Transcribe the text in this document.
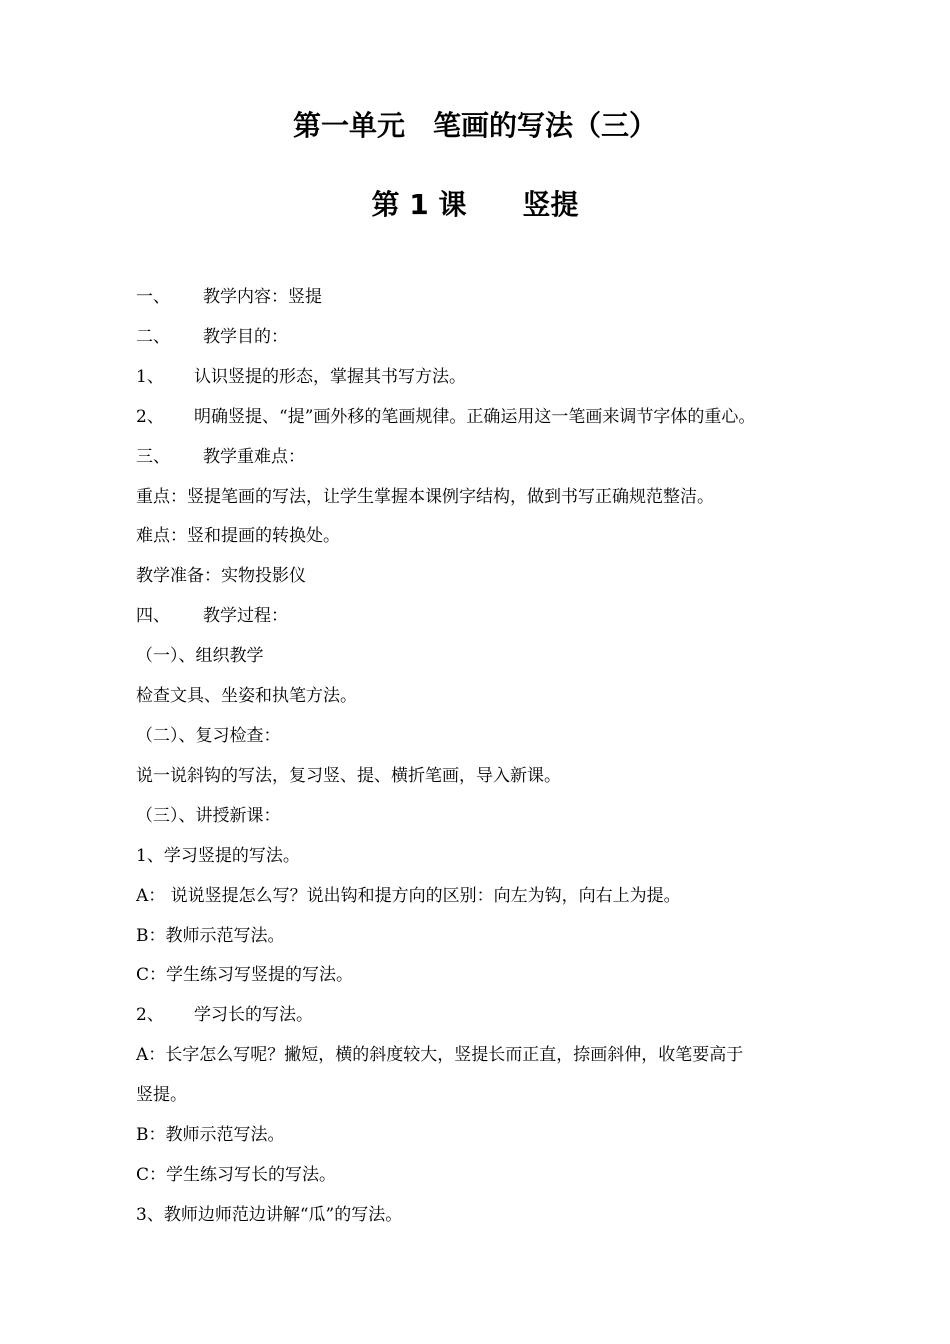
第一单元　笔画的写法（三）
第 1 课　　竖提
一、 教学内容：竖提
二、 教学目的：
1、 认识竖提的形态，掌握其书写方法。
2、 明确竖提、“提”画外移的笔画规律。正确运用这一笔画来调节字体的重心。
三、 教学重难点：
重点：竖提笔画的写法，让学生掌握本课例字结构，做到书写正确规范整洁。
难点：竖和提画的转换处。
教学准备：实物投影仪
四、 教学过程：
（一）、组织教学
检查文具、坐姿和执笔方法。
（二）、复习检查：
说一说斜钩的写法，复习竖、提、横折笔画，导入新课。
（三）、讲授新课：
1、学习竖提的写法。
A： 说说竖提怎么写？说出钩和提方向的区别：向左为钩，向右上为提。
B：教师示范写法。
C：学生练习写竖提的写法。
2、 学习长的写法。
A：长字怎么写呢？撇短，横的斜度较大，竖提长而正直，捺画斜伸，收笔要高于
竖提。
B：教师示范写法。
C：学生练习写长的写法。
3、教师边师范边讲解“瓜”的写法。
